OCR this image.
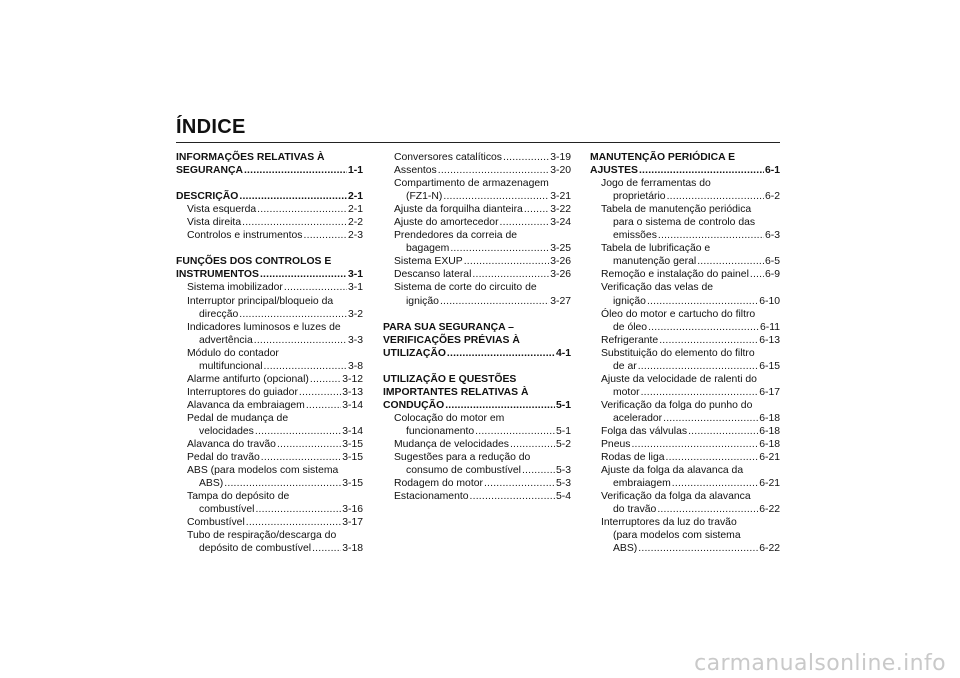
ÍNDICE
INFORMAÇÕES RELATIVAS À
SEGURANÇA .....	1-1
DESCRIÇÃO .....	2-1
Vista esquerda .....	2-1
Vista direita .....	2-2
Controlos e instrumentos .....	2-3
FUNÇÕES DOS CONTROLOS E
INSTRUMENTOS .....	3-1
Sistema imobilizador .....	3-1
Interruptor principal/bloqueio da
direcção .....	3-2
Indicadores luminosos e luzes de
advertência .....	3-3
Módulo do contador
multifuncional .....	3-8
Alarme antifurto (opcional) .....	3-12
Interruptores do guiador .....	3-13
Alavanca da embraiagem .....	3-14
Pedal de mudança de
velocidades .....	3-14
Alavanca do travão .....	3-15
Pedal do travão .....	3-15
ABS (para modelos com sistema
ABS) .....	3-15
Tampa do depósito de
combustível .....	3-16
Combustível .....	3-17
Tubo de respiração/descarga do
depósito de combustível .....	3-18
Conversores catalíticos .....	3-19
Assentos .....	3-20
Compartimento de armazenagem
(FZ1-N) .....	3-21
Ajuste da forquilha dianteira .....	3-22
Ajuste do amortecedor .....	3-24
Prendedores da correia de
bagagem .....	3-25
Sistema EXUP .....	3-26
Descanso lateral .....	3-26
Sistema de corte do circuito de
ignição .....	3-27
PARA SUA SEGURANÇA –
VERIFICAÇÕES PRÉVIAS À
UTILIZAÇÃO .....	4-1
UTILIZAÇÃO E QUESTÕES
IMPORTANTES RELATIVAS À
CONDUÇÃO .....	5-1
Colocação do motor em
funcionamento .....	5-1
Mudança de velocidades .....	5-2
Sugestões para a redução do
consumo de combustível .....	5-3
Rodagem do motor .....	5-3
Estacionamento .....	5-4
MANUTENÇÃO PERIÓDICA E
AJUSTES .....	6-1
Jogo de ferramentas do
proprietário .....	6-2
Tabela de manutenção periódica
para o sistema de controlo das
emissões .....	6-3
Tabela de lubrificação e
manutenção geral .....	6-5
Remoção e instalação do painel ..... 6-9
Verificação das velas de
ignição .....	6-10
Óleo do motor e cartucho do filtro
de óleo .....	6-11
Refrigerante .....	6-13
Substituição do elemento do filtro
de ar .....	6-15
Ajuste da velocidade de ralenti do
motor .....	6-17
Verificação da folga do punho do
acelerador .....	6-18
Folga das válvulas .....	6-18
Pneus .....	6-18
Rodas de liga .....	6-21
Ajuste da folga da alavanca da
embraiagem .....	6-21
Verificação da folga da alavanca
do travão .....	6-22
Interruptores da luz do travão
(para modelos com sistema
ABS) .....	6-22
carmanualsonline.info
